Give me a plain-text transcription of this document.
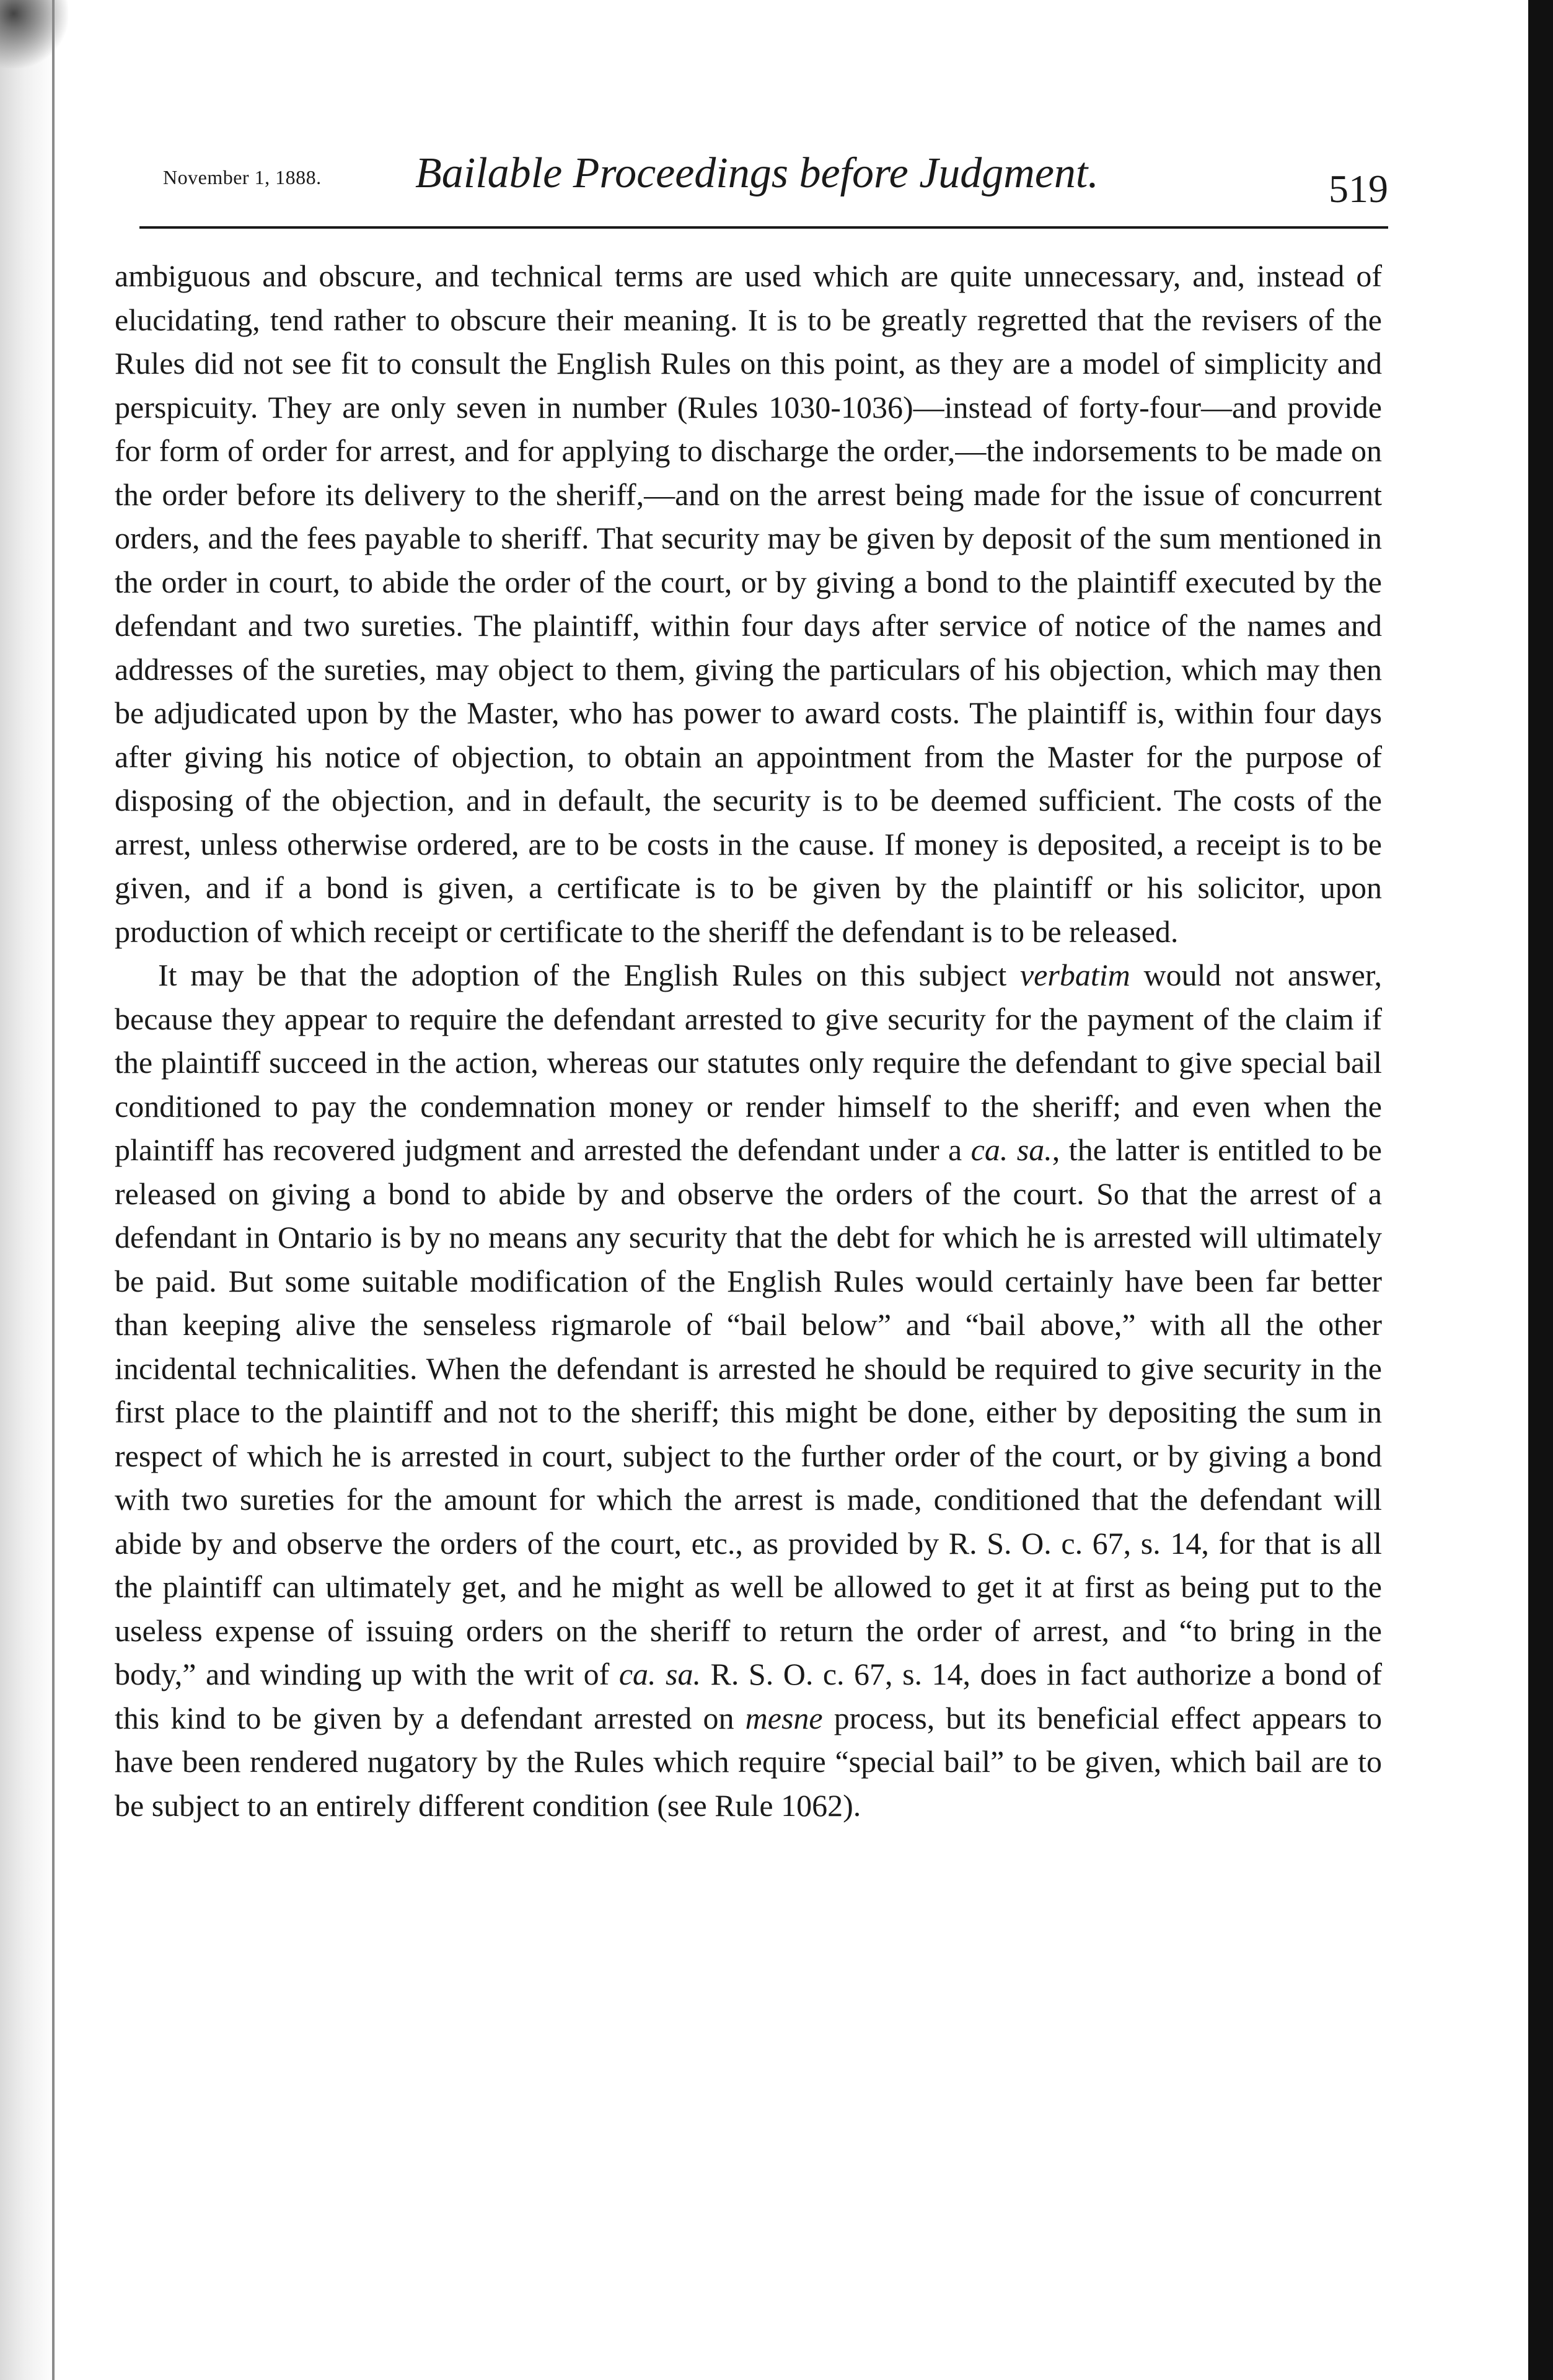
November 1, 1888. Bailable Proceedings before Judgment.	519

ambiguous and obscure, and technical terms are used which are quite unnecessary, and, instead of elucidating, tend rather to obscure their meaning. It is to be greatly regretted that the revisers of the Rules did not see fit to consult the English Rules on this point, as they are a model of simplicity and perspicuity. They are only seven in number (Rules 1030-1036)—instead of forty-four—and provide for form of order for arrest, and for applying to discharge the order,—the indorsements to be made on the order before its delivery to the sheriff,—and on the arrest being made for the issue of concurrent orders, and the fees payable to sheriff. That security may be given by deposit of the sum mentioned in the order in court, to abide the order of the court, or by giving a bond to the plaintiff executed by the defendant and two sureties. The plaintiff, within four days after service of notice of the names and addresses of the sureties, may object to them, giving the particulars of his objection, which may then be adjudicated upon by the Master, who has power to award costs. The plaintiff is, within four days after giving his notice of objection, to obtain an appointment from the Master for the purpose of disposing of the objection, and in default, the security is to be deemed sufficient. The costs of the arrest, unless otherwise ordered, are to be costs in the cause. If money is deposited, a receipt is to be given, and if a bond is given, a certificate is to be given by the plaintiff or his solicitor, upon production of which receipt or certificate to the sheriff the defendant is to be released.

It may be that the adoption of the English Rules on this subject verbatim would not answer, because they appear to require the defendant arrested to give security for the payment of the claim if the plaintiff succeed in the action, whereas our statutes only require the defendant to give special bail conditioned to pay the condemnation money or render himself to the sheriff; and even when the plaintiff has recovered judgment and arrested the defendant under a ca. sa., the latter is entitled to be released on giving a bond to abide by and observe the orders of the court. So that the arrest of a defendant in Ontario is by no means any security that the debt for which he is arrested will ultimately be paid. But some suitable modification of the English Rules would certainly have been far better than keeping alive the senseless rigmarole of “bail below” and “bail above,” with all the other incidental technicalities. When the defendant is arrested he should be required to give security in the first place to the plaintiff and not to the sheriff; this might be done, either by depositing the sum in respect of which he is arrested in court, subject to the further order of the court, or by giving a bond with two sureties for the amount for which the arrest is made, conditioned that the defendant will abide by and observe the orders of the court, etc., as provided by R. S. O. c. 67, s. 14, for that is all the plaintiff can ultimately get, and he might as well be allowed to get it at first as being put to the useless expense of issuing orders on the sheriff to return the order of arrest, and “to bring in the body,” and winding up with the writ of ca. sa. R. S. O. c. 67, s. 14, does in fact authorize a bond of this kind to be given by a defendant arrested on mesne process, but its beneficial effect appears to have been rendered nugatory by the Rules which require “special bail” to be given, which bail are to be subject to an entirely different condition (see Rule 1062).
